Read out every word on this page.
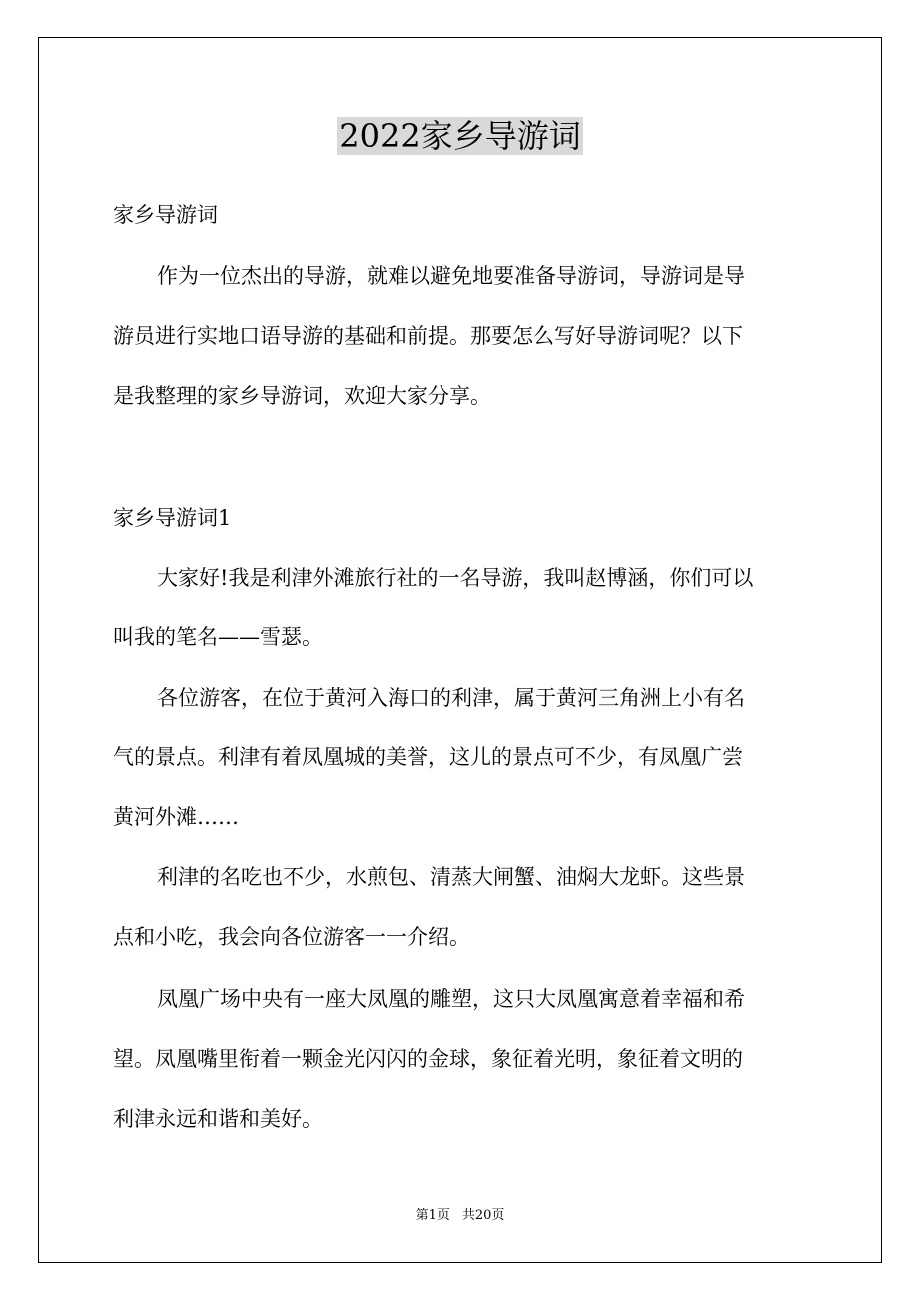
2022家乡导游词

家乡导游词

作为一位杰出的导游，就难以避免地要准备导游词，导游词是导

游员进行实地口语导游的基础和前提。那要怎么写好导游词呢？以下

是我整理的家乡导游词，欢迎大家分享。

家乡导游词1

大家好!我是利津外滩旅行社的一名导游，我叫赵博涵，你们可以

叫我的笔名——雪瑟。

各位游客，在位于黄河入海口的利津，属于黄河三角洲上小有名

气的景点。利津有着凤凰城的美誉，这儿的景点可不少，有凤凰广尝

黄河外滩……

利津的名吃也不少，水煎包、清蒸大闸蟹、油焖大龙虾。这些景

点和小吃，我会向各位游客一一介绍。

凤凰广场中央有一座大凤凰的雕塑，这只大凤凰寓意着幸福和希

望。凤凰嘴里衔着一颗金光闪闪的金球，象征着光明，象征着文明的

利津永远和谐和美好。

第1页 共20页
